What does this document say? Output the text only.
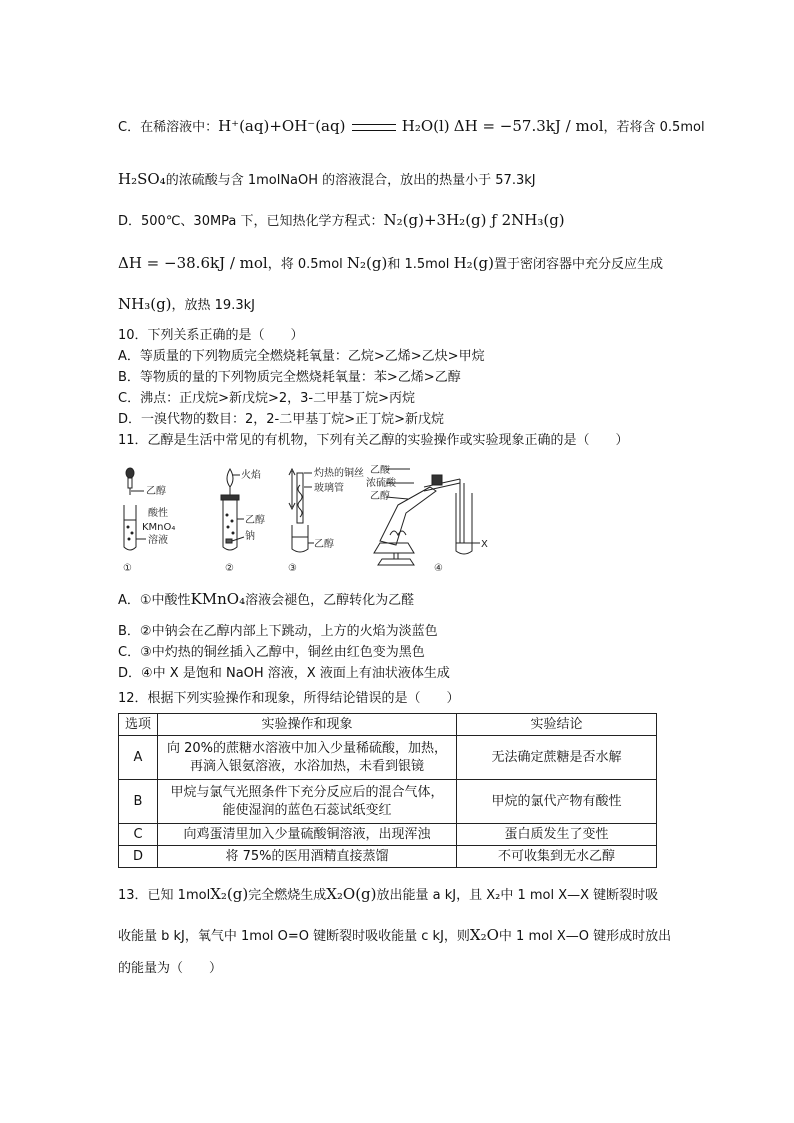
C．在稀溶液中：H⁺(aq)+OH⁻(aq)	H₂O(l) ΔH = −57.3kJ / mol，若将含 0.5mol
H₂SO₄的浓硫酸与含 1molNaOH 的溶液混合，放出的热量小于 57.3kJ
D．500℃、30MPa 下，已知热化学方程式：N₂(g)+3H₂(g) ƒ 2NH₃(g)
ΔH = −38.6kJ / mol，将 0.5mol N₂(g)和 1.5mol H₂(g)置于密闭容器中充分反应生成
NH₃(g)，放热 19.3kJ
10．下列关系正确的是（　　）
A．等质量的下列物质完全燃烧耗氧量：乙烷>乙烯>乙炔>甲烷
B．等物质的量的下列物质完全燃烧耗氧量：苯>乙烯>乙醇
C．沸点：正戊烷>新戊烷>2，3-二甲基丁烷>丙烷
D．一溴代物的数目：2，2-二甲基丁烷>正丁烷>新戊烷
11．乙醇是生活中常见的有机物，下列有关乙醇的实验操作或实验现象正确的是（　　）
乙醇
酸性
KMnO₄
溶液
①
火焰
乙醇
钠
②
灼热的铜丝
玻璃管
乙醇
③
乙酸
浓硫酸
乙醇
X
④
A．①中酸性KMnO₄溶液会褪色，乙醇转化为乙醛
B．②中钠会在乙醇内部上下跳动，上方的火焰为淡蓝色
C．③中灼热的铜丝插入乙醇中，铜丝由红色变为黑色
D．④中 X 是饱和 NaOH 溶液，X 液面上有油状液体生成
12．根据下列实验操作和现象，所得结论错误的是（　　）
选项	实验操作和现象	实验结论
A	向 20%的蔗糖水溶液中加入少量稀硫酸，加热，
再滴入银氨溶液，水浴加热，未看到银镜	无法确定蔗糖是否水解
B	甲烷与氯气光照条件下充分反应后的混合气体，
能使湿润的蓝色石蕊试纸变红	甲烷的氯代产物有酸性
C	向鸡蛋清里加入少量硫酸铜溶液，出现浑浊	蛋白质发生了变性
D	将 75%的医用酒精直接蒸馏	不可收集到无水乙醇
13．已知 1molX₂(g)完全燃烧生成X₂O(g)放出能量 a kJ，且 X₂中 1 mol X—X 键断裂时吸
收能量 b kJ，氧气中 1mol O=O 键断裂时吸收能量 c kJ，则X₂O中 1 mol X—O 键形成时放出
的能量为（　　）
